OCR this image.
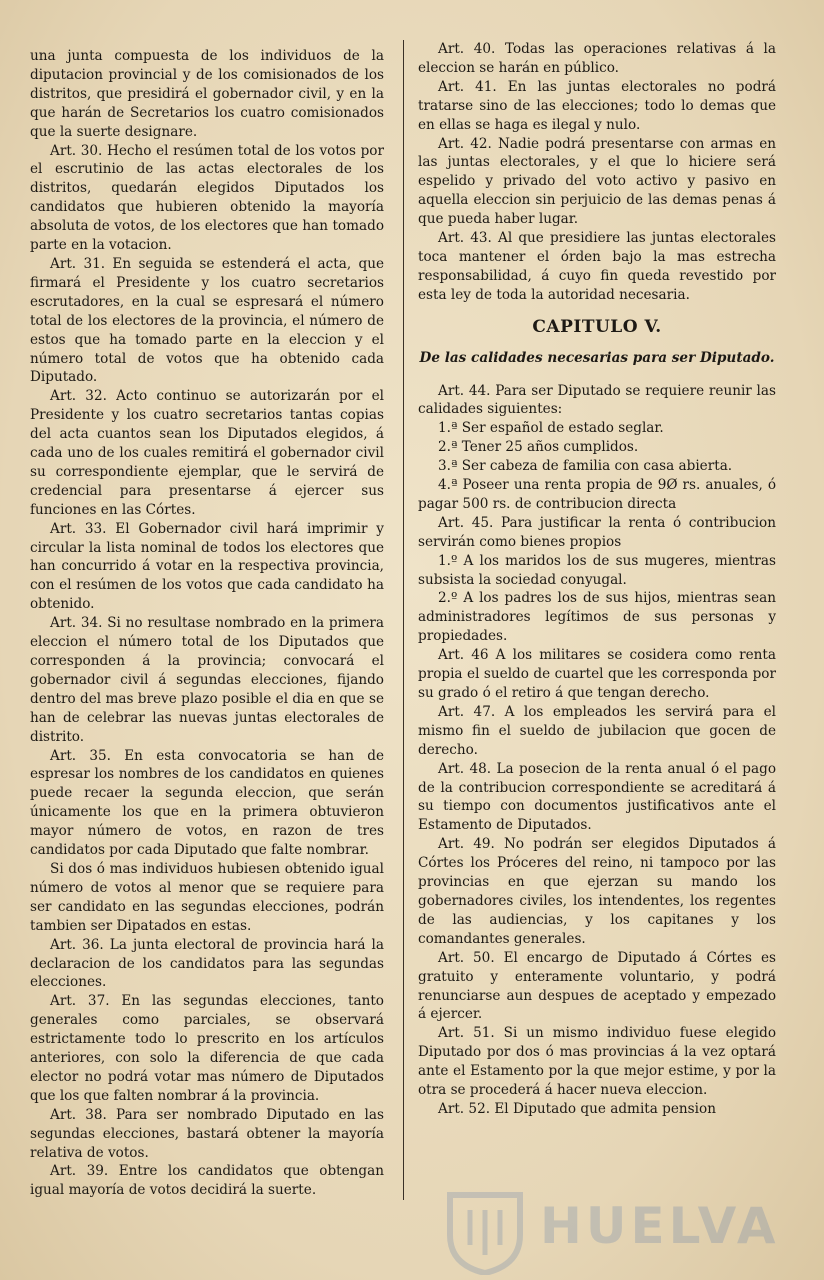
una junta compuesta de los individuos de la diputacion provincial y de los comisionados de los distritos, que presidirá el gobernador civil, y en la que harán de Secretarios los cuatro comisionados que la suerte designare.

Art. 30. Hecho el resúmen total de los votos por el escrutinio de las actas electorales de los distritos, quedarán elegidos Diputados los candidatos que hubieren obtenido la mayoría absoluta de votos, de los electores que han tomado parte en la votacion.

Art. 31. En seguida se estenderá el acta, que firmará el Presidente y los cuatro secretarios escrutadores, en la cual se espresará el número total de los electores de la provincia, el número de estos que ha tomado parte en la eleccion y el número total de votos que ha obtenido cada Diputado.

Art. 32. Acto continuo se autorizarán por el Presidente y los cuatro secretarios tantas copias del acta cuantos sean los Diputados elegidos, á cada uno de los cuales remitirá el gobernador civil su correspondiente ejemplar, que le servirá de credencial para presentarse á ejercer sus funciones en las Córtes.

Art. 33. El Gobernador civil hará imprimir y circular la lista nominal de todos los electores que han concurrido á votar en la respectiva provincia, con el resúmen de los votos que cada candidato ha obtenido.

Art. 34. Si no resultase nombrado en la primera eleccion el número total de los Diputados que corresponden á la provincia; convocará el gobernador civil á segundas elecciones, fijando dentro del mas breve plazo posible el dia en que se han de celebrar las nuevas juntas electorales de distrito.

Art. 35. En esta convocatoria se han de espresar los nombres de los candidatos en quienes puede recaer la segunda eleccion, que serán únicamente los que en la primera obtuvieron mayor número de votos, en razon de tres candidatos por cada Diputado que falte nombrar.

Si dos ó mas individuos hubiesen obtenido igual número de votos al menor que se requiere para ser candidato en las segundas elecciones, podrán tambien ser Dipatados en estas.

Art. 36. La junta electoral de provincia hará la declaracion de los candidatos para las segundas elecciones.

Art. 37. En las segundas elecciones, tanto generales como parciales, se observará estrictamente todo lo prescrito en los artículos anteriores, con solo la diferencia de que cada elector no podrá votar mas número de Diputados que los que falten nombrar á la provincia.

Art. 38. Para ser nombrado Diputado en las segundas elecciones, bastará obtener la mayoría relativa de votos.

Art. 39. Entre los candidatos que obtengan igual mayoría de votos decidirá la suerte.

Art. 40. Todas las operaciones relativas á la eleccion se harán en público.

Art. 41. En las juntas electorales no podrá tratarse sino de las elecciones; todo lo demas que en ellas se haga es ilegal y nulo.

Art. 42. Nadie podrá presentarse con armas en las juntas electorales, y el que lo hiciere será espelido y privado del voto activo y pasivo en aquella eleccion sin perjuicio de las demas penas á que pueda haber lugar.

Art. 43. Al que presidiere las juntas electorales toca mantener el órden bajo la mas estrecha responsabilidad, á cuyo fin queda revestido por esta ley de toda la autoridad necesaria.

CAPITULO V.
De las calidades necesarias para ser Diputado.

Art. 44. Para ser Diputado se requiere reunir las calidades siguientes:

1.ª Ser español de estado seglar.

2.ª Tener 25 años cumplidos.

3.ª Ser cabeza de familia con casa abierta.

4.ª Poseer una renta propia de 9Ø rs. anuales, ó pagar 500 rs. de contribucion directa

Art. 45. Para justificar la renta ó contribucion servirán como bienes propios

1.º A los maridos los de sus mugeres, mientras subsista la sociedad conyugal.

2.º A los padres los de sus hijos, mientras sean administradores legítimos de sus personas y propiedades.

Art. 46 A los militares se cosidera como renta propia el sueldo de cuartel que les corresponda por su grado ó el retiro á que tengan derecho.

Art. 47. A los empleados les servirá para el mismo fin el sueldo de jubilacion que gocen de derecho.

Art. 48. La posecion de la renta anual ó el pago de la contribucion correspondiente se acreditará á su tiempo con documentos justificativos ante el Estamento de Diputados.

Art. 49. No podrán ser elegidos Diputados á Córtes los Próceres del reino, ni tampoco por las provincias en que ejerzan su mando los gobernadores civiles, los intendentes, los regentes de las audiencias, y los capitanes y los comandantes generales.

Art. 50. El encargo de Diputado á Córtes es gratuito y enteramente voluntario, y podrá renunciarse aun despues de aceptado y empezado á ejercer.

Art. 51. Si un mismo individuo fuese elegido Diputado por dos ó mas provincias á la vez optará ante el Estamento por la que mejor estime, y por la otra se procederá á hacer nueva eleccion.

Art. 52. El Diputado que admita pension

HUELVA
